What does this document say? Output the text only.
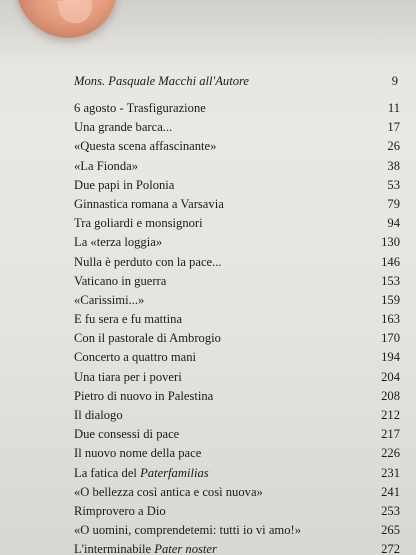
Mons. Pasquale Macchi all'Autore	9
6 agosto - Trasfigurazione	11
Una grande barca...	17
«Questa scena affascinante»	26
«La Fionda»	38
Due papi in Polonia	53
Ginnastica romana a Varsavia	79
Tra goliardi e monsignori	94
La «terza loggia»	130
Nulla è perduto con la pace...	146
Vaticano in guerra	153
«Carissimi...»	159
E fu sera e fu mattina	163
Con il pastorale di Ambrogio	170
Concerto a quattro mani	194
Una tiara per i poveri	204
Pietro di nuovo in Palestina	208
Il dialogo	212
Due consessi di pace	217
Il nuovo nome della pace	226
La fatica del Paterfamilias	231
«O bellezza così antica e così nuova»	241
Rimprovero a Dio	253
«O uomini, comprendetemi: tutti io vi amo!»	265
L'interminabile Pater noster	272
